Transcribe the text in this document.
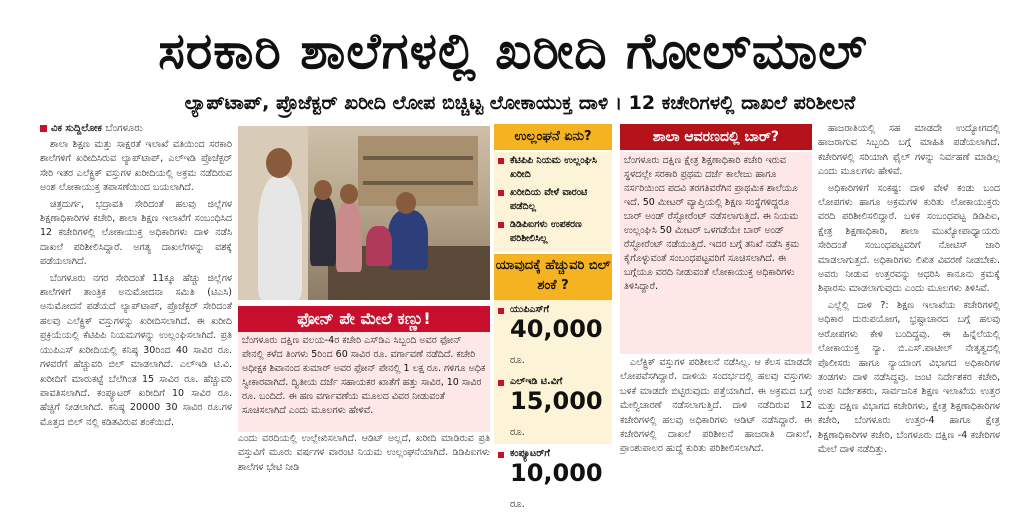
ಸರಕಾರಿ ಶಾಲೆಗಳಲ್ಲಿ ಖರೀದಿ ಗೋಲ್‌ಮಾಲ್
ಲ್ಯಾಪ್‌ಟಾಪ್, ಪ್ರೊಜೆಕ್ಟರ್ ಖರೀದಿ ಲೋಪ ಬಿಚ್ಚಿಟ್ಟ ಲೋಕಾಯುಕ್ತ ದಾಳಿ । 12 ಕಚೇರಿಗಳಲ್ಲಿ ದಾಖಲೆ ಪರಿಶೀಲನೆ
ವಿಕ ಸುದ್ದಿಲೋಕ ಬೆಂಗಳೂರು

ಶಾಲಾ ಶಿಕ್ಷಣ ಮತ್ತು ಸಾಕ್ಷರತೆ ಇಲಾಖೆ ವತಿಯಿಂದ ಸರಕಾರಿ ಶಾಲೆಗಳಿಗೆ ಖರೀದಿಸಿರುವ ಲ್ಯಾಪ್‌ಟಾಪ್, ಎಲ್‌ಇಡಿ ಪ್ರೊಜೆಕ್ಟರ್ ಸೇರಿ ಇತರ ಎಲೆಕ್ಟ್ರಿಕ್ ವಸ್ತುಗಳ ಖರೀದಿಯಲ್ಲಿ ಅಕ್ರಮ ನಡೆದಿರುವ ಅಂಶ ಲೋಕಾಯುಕ್ತ ತಪಾಸಣೆಯಿಂದ ಬಯಲಾಗಿದೆ.

ಚಿತ್ರದುರ್ಗ, ಭದ್ರಾವತಿ ಸೇರಿದಂತೆ ಹಲವು ಜಿಲ್ಲೆಗಳ ಶಿಕ್ಷಣಾಧಿಕಾರಿಗಳ ಕಚೇರಿ, ಶಾಲಾ ಶಿಕ್ಷಣ ಇಲಾಖೆಗೆ ಸಂಬಂಧಿಸಿದ 12 ಕಚೇರಿಗಳಲ್ಲಿ ಲೋಕಾಯುಕ್ತ ಅಧಿಕಾರಿಗಳು ದಾಳಿ ನಡೆಸಿ ದಾಖಲೆ ಪರಿಶೀಲಿಸಿದ್ದಾರೆ. ಅಗತ್ಯ ದಾಖಲೆಗಳನ್ನು ವಶಕ್ಕೆ ಪಡೆಯಲಾಗಿದೆ.

ಬೆಂಗಳೂರು ನಗರ ಸೇರಿದಂತೆ 11ಕ್ಕೂ ಹೆಚ್ಚು ಜಿಲ್ಲೆಗಳ ಶಾಲೆಗಳಿಗೆ ತಾಂತ್ರಿಕ ಅನುಮೋದನಾ ಸಮಿತಿ (ಟಿಎಸಿ) ಅನುಮೋದನೆ ಪಡೆಯದೆ ಲ್ಯಾಪ್‌ಟಾಪ್, ಪ್ರೊಜೆಕ್ಟರ್ ಸೇರಿದಂತೆ ಹಲವು ಎಲೆಕ್ಟ್ರಿಕ್ ವಸ್ತುಗಳನ್ನು ಖರೀದಿಸಲಾಗಿದೆ. ಈ ಖರೀದಿ ಪ್ರಕ್ರಿಯೆಯಲ್ಲಿ ಕೆಟಿಪಿಪಿ ನಿಯಮಗಳನ್ನು ಉಲ್ಲಂಘಿಸಲಾಗಿದೆ. ಪ್ರತಿ ಯುಪಿಎಸ್ ಖರೀದಿಯಲ್ಲಿ ಕನಿಷ್ಠ 30ರಿಂದ 40 ಸಾವಿರ ರೂ. ಗಳವರೆಗೆ ಹೆಚ್ಚುವರಿ ಬಿಲ್ ಮಾಡಲಾಗಿದೆ. ಎಲ್‌ಇಡಿ ಟಿ.ವಿ. ಖರೀದಿಗೆ ಮಾರುಕಟ್ಟೆ ಬೆಲೆಗಿಂತ 15 ಸಾವಿರ ರೂ. ಹೆಚ್ಚುವರಿ ಪಾವತಿಸಲಾಗಿದೆ. ಕಂಪ್ಯೂಟರ್ ಖರೀದಿಗೆ 10 ಸಾವಿರ ರೂ. ಹೆಚ್ಚಿಗೆ ನೀಡಲಾಗಿದೆ. ಕನಿಷ್ಠ 20000 30 ಸಾವಿರ ರೂ.ಗಳ ಮೊತ್ತದ ಬಿಲ್ ನಲ್ಲಿ ಕಡಿತವಿರುವ ಶಂಕೆಯಿದೆ.

ಫೋನ್ ಪೇ ಮೇಲೆ ಕಣ್ಣು!
ಬೆಂಗಳೂರು ದಕ್ಷಿಣ ವಲಯ-4ರ ಕಚೇರಿ ಎಸ್‌ಡಿಎ ಸಿಬ್ಬಂದಿ ಅವರ ಫೋನ್ ಪೇನಲ್ಲಿ ಕಳೆದ ತಿಂಗಳು 5ರಿಂದ 60 ಸಾವಿರ ರೂ. ವರ್ಗಾವಣೆ ನಡೆದಿದೆ. ಕಚೇರಿ ಅಧೀಕ್ಷಕ ಶಿವಾನಂದ ಕುಮಾರ್ ಅವರ ಫೋನ್ ಪೇನಲ್ಲಿ 1 ಲಕ್ಷ ರೂ. ಗಳಿಗೂ ಅಧಿಕ ಸ್ವೀಕಾರವಾಗಿದೆ. ದ್ವಿತೀಯ ದರ್ಜೆ ಸಹಾಯಕರ ಖಾತೆಗೆ ಹತ್ತು ಸಾವಿರ, 10 ಸಾವಿರ ರೂ. ಬಂದಿದೆ. ಈ ಹಣ ವರ್ಗಾವಣೆಯ ಮೂಲದ ವಿವರ ನೀಡುವಂತೆ ಸೂಚಿಸಲಾಗಿದೆ ಎಂದು ಮೂಲಗಳು ಹೇಳಿವೆ.

ಎಂದು ವರದಿಯಲ್ಲಿ ಉಲ್ಲೇಖಿಸಲಾಗಿದೆ. ಆಡಿಟ್ ಅಲ್ಲದೆ, ಖರೀದಿ ಮಾಡಿರುವ ಪ್ರತಿ ವಸ್ತುವಿಗೆ ಮೂರು ವರ್ಷಗಳ ವಾರಂಟಿ ನಿಯಮ ಉಲ್ಲಂಘನೆಯಾಗಿದೆ. ಡಿಡಿಪಿಐಗಳು ಶಾಲೆಗಳ ಭೇಟಿ ನೀಡಿ

ಉಲ್ಲಂಘನೆ ಏನು?
ಕೆಟಿಪಿಪಿ ನಿಯಮ ಉಲ್ಲಂಘಿಸಿ ಖರೀದಿ
ಖರೀದಿಯ ವೇಳೆ ವಾರಂಟಿ ಪಡೆದಿಲ್ಲ
ಡಿಡಿಪಿಐಗಳು ಉಪಕರಣ ಪರಿಶೀಲಿಸಿಲ್ಲ
ಯಾವುದಕ್ಕೆ ಹೆಚ್ಚುವರಿ ಬಿಲ್ ಶಂಕೆ ?
ಯುಪಿಎಸ್‌ಗೆ
40,000 ರೂ.
ಎಲ್‌ಇಡಿ ಟಿ.ವಿಗೆ
15,000 ರೂ.
ಕಂಪ್ಯೂಟರ್‌ಗೆ
10,000 ರೂ.
ಶಾಲಾ ಆವರಣದಲ್ಲಿ ಬಾರ್?
ಬೆಂಗಳೂರು ದಕ್ಷಿಣ ಕ್ಷೇತ್ರ ಶಿಕ್ಷಣಾಧಿಕಾರಿ ಕಚೇರಿ ಇರುವ ಸ್ಥಳದಲ್ಲೇ ಸರಕಾರಿ ಪ್ರಥಮ ದರ್ಜೆ ಕಾಲೇಜು ಹಾಗೂ ನರ್ಸರಿಯಿಂದ ಪದವಿ ತರಗತಿವರೆಗಿನ ಪ್ರಾಥಮಿಕ ಶಾಲೆಯೂ ಇದೆ. 50 ಮೀಟರ್ ವ್ಯಾಪ್ತಿಯಲ್ಲಿ ಶಿಕ್ಷಣ ಸಂಸ್ಥೆಗಳಿದ್ದರೂ ಬಾರ್ ಅಂಡ್ ರೆಸ್ಟೋರೆಂಟ್ ನಡೆಸಲಾಗುತ್ತಿದೆ. ಈ ನಿಯಮ ಉಲ್ಲಂಘಿಸಿ 50 ಮೀಟರ್ ಒಳಗಡೆಯೇ ಬಾರ್ ಅಂಡ್ ರೆಸ್ಟೋರೆಂಟ್ ನಡೆಯುತ್ತಿದೆ. ಇದರ ಬಗ್ಗೆ ತನಿಖೆ ನಡೆಸಿ ಕ್ರಮ ಕೈಗೊಳ್ಳುವಂತೆ ಸಂಬಂಧಪಟ್ಟವರಿಗೆ ಸೂಚಿಸಲಾಗಿದೆ. ಈ ಬಗ್ಗೆಯೂ ವರದಿ ನೀಡುವಂತೆ ಲೋಕಾಯುಕ್ತ ಅಧಿಕಾರಿಗಳು ತಿಳಿಸಿದ್ದಾರೆ.

ಎಲೆಕ್ಟ್ರಿಕ್ ವಸ್ತುಗಳ ಪರಿಶೀಲನೆ ನಡೆಸಿಲ್ಲ. ಆ ಕೆಲಸ ಮಾಡದೇ ಲೋಪವೆಸಗಿದ್ದಾರೆ. ದಾಳಿಯ ಸಂದರ್ಭದಲ್ಲಿ ಹಲವು ವಸ್ತುಗಳು ಬಳಕೆ ಮಾಡದೇ ಬಿಟ್ಟಿರುವುದು ಪತ್ತೆಯಾಗಿದೆ. ಈ ಅಕ್ರಮದ ಬಗ್ಗೆ ಮೇಲ್ವಿಚಾರಣೆ ನಡೆಸಲಾಗುತ್ತಿದೆ. ದಾಳಿ ನಡೆದಿರುವ 12 ಕಚೇರಿಗಳಲ್ಲಿ ಹಲವು ಅಧಿಕಾರಿಗಳು ಆಡಿಟ್ ನಡೆಸಿದ್ದಾರೆ. ಈ ಕಚೇರಿಗಳಲ್ಲಿ ದಾಖಲೆ ಪರಿಶೀಲನೆ ಹಾಜರಾತಿ ದಾಖಲೆ, ಪ್ರಾಂಶುಪಾಲರ ಹುದ್ದೆ ಕುರಿತು ಪರಿಶೀಲಿಸಲಾಗಿದೆ.

ಹಾಜರಾತಿಯಲ್ಲಿ ಸಹ ಮಾಡದೇ ಉದ್ಯೋಗದಲ್ಲಿ ಹಾಜರಾಗುವ ಸಿಬ್ಬಂದಿ ಬಗ್ಗೆ ಮಾಹಿತಿ ಪಡೆಯಲಾಗಿದೆ. ಕಚೇರಿಗಳಲ್ಲಿ ಸರಿಯಾಗಿ ಫೈಲ್ ಗಳನ್ನು ನಿರ್ವಹಣೆ ಮಾಡಿಲ್ಲ ಎಂದು ಮೂಲಗಳು ಹೇಳಿವೆ.

ಅಧಿಕಾರಿಗಳಿಗೆ ಸಂಕಷ್ಟ: ದಾಳಿ ವೇಳೆ ಕಂಡು ಬಂದ ಲೋಪಗಳು ಹಾಗೂ ಅಕ್ರಮಗಳ ಕುರಿತು ಲೋಕಾಯುಕ್ತರು ವರದಿ ಪರಿಶೀಲಿಸಲಿದ್ದಾರೆ. ಬಳಿಕ ಸಂಬಂಧಪಟ್ಟ ಡಿಡಿಪಿಐ, ಕ್ಷೇತ್ರ ಶಿಕ್ಷಣಾಧಿಕಾರಿ, ಶಾಲಾ ಮುಖ್ಯೋಪಾಧ್ಯಾಯರು ಸೇರಿದಂತೆ ಸಂಬಂಧಪಟ್ಟವರಿಗೆ ನೋಟಿಸ್ ಜಾರಿ ಮಾಡಲಾಗುತ್ತದೆ. ಅಧಿಕಾರಿಗಳು ಲಿಖಿತ ವಿವರಣೆ ನೀಡಬೇಕು. ಅವರು ನೀಡುವ ಉತ್ತರವನ್ನು ಆಧರಿಸಿ ಕಾನೂನು ಕ್ರಮಕ್ಕೆ ಶಿಫಾರಸು ಮಾಡಲಾಗುವುದು ಎಂದು ಮೂಲಗಳು ತಿಳಿಸಿವೆ.

ಎಲ್ಲೆಲ್ಲಿ ದಾಳಿ ?: ಶಿಕ್ಷಣ ಇಲಾಖೆಯ ಕಚೇರಿಗಳಲ್ಲಿ ಅಧಿಕಾರ ದುರುಪಯೋಗ, ಭ್ರಷ್ಟಾಚಾರದ ಬಗ್ಗೆ ಹಲವು ಆರೋಪಗಳು ಕೇಳಿ ಬಂದಿದ್ದವು. ಈ ಹಿನ್ನೆಲೆಯಲ್ಲಿ ಲೋಕಾಯುಕ್ತ ನ್ಯಾ. ಬಿ.ಎಸ್.ಪಾಟೀಲ್ ನೇತೃತ್ವದಲ್ಲಿ ಪೊಲೀಸರು ಹಾಗೂ ನ್ಯಾಯಾಂಗ ವಿಭಾಗದ ಅಧಿಕಾರಿಗಳ ತಂಡಗಳು ದಾಳಿ ನಡೆಸಿದ್ದವು. ಜಂಟಿ ನಿರ್ದೇಶಕರ ಕಚೇರಿ, ಉಪ ನಿರ್ದೇಶಕರು, ಸಾರ್ವಜನಿಕ ಶಿಕ್ಷಣ ಇಲಾಖೆಯ ಉತ್ತರ ಮತ್ತು ದಕ್ಷಿಣ ವಿಭಾಗದ ಕಚೇರಿಗಳು, ಕ್ಷೇತ್ರ ಶಿಕ್ಷಣಾಧಿಕಾರಿಗಳ ಕಚೇರಿ, ಬೆಂಗಳೂರು ಉತ್ತರ-4 ಹಾಗೂ ಕ್ಷೇತ್ರ ಶಿಕ್ಷಣಾಧಿಕಾರಿಗಳ ಕಚೇರಿ, ಬೆಂಗಳೂರು ದಕ್ಷಿಣ -4 ಕಚೇರಿಗಳ ಮೇಲೆ ದಾಳಿ ನಡೆದಿತ್ತು.
